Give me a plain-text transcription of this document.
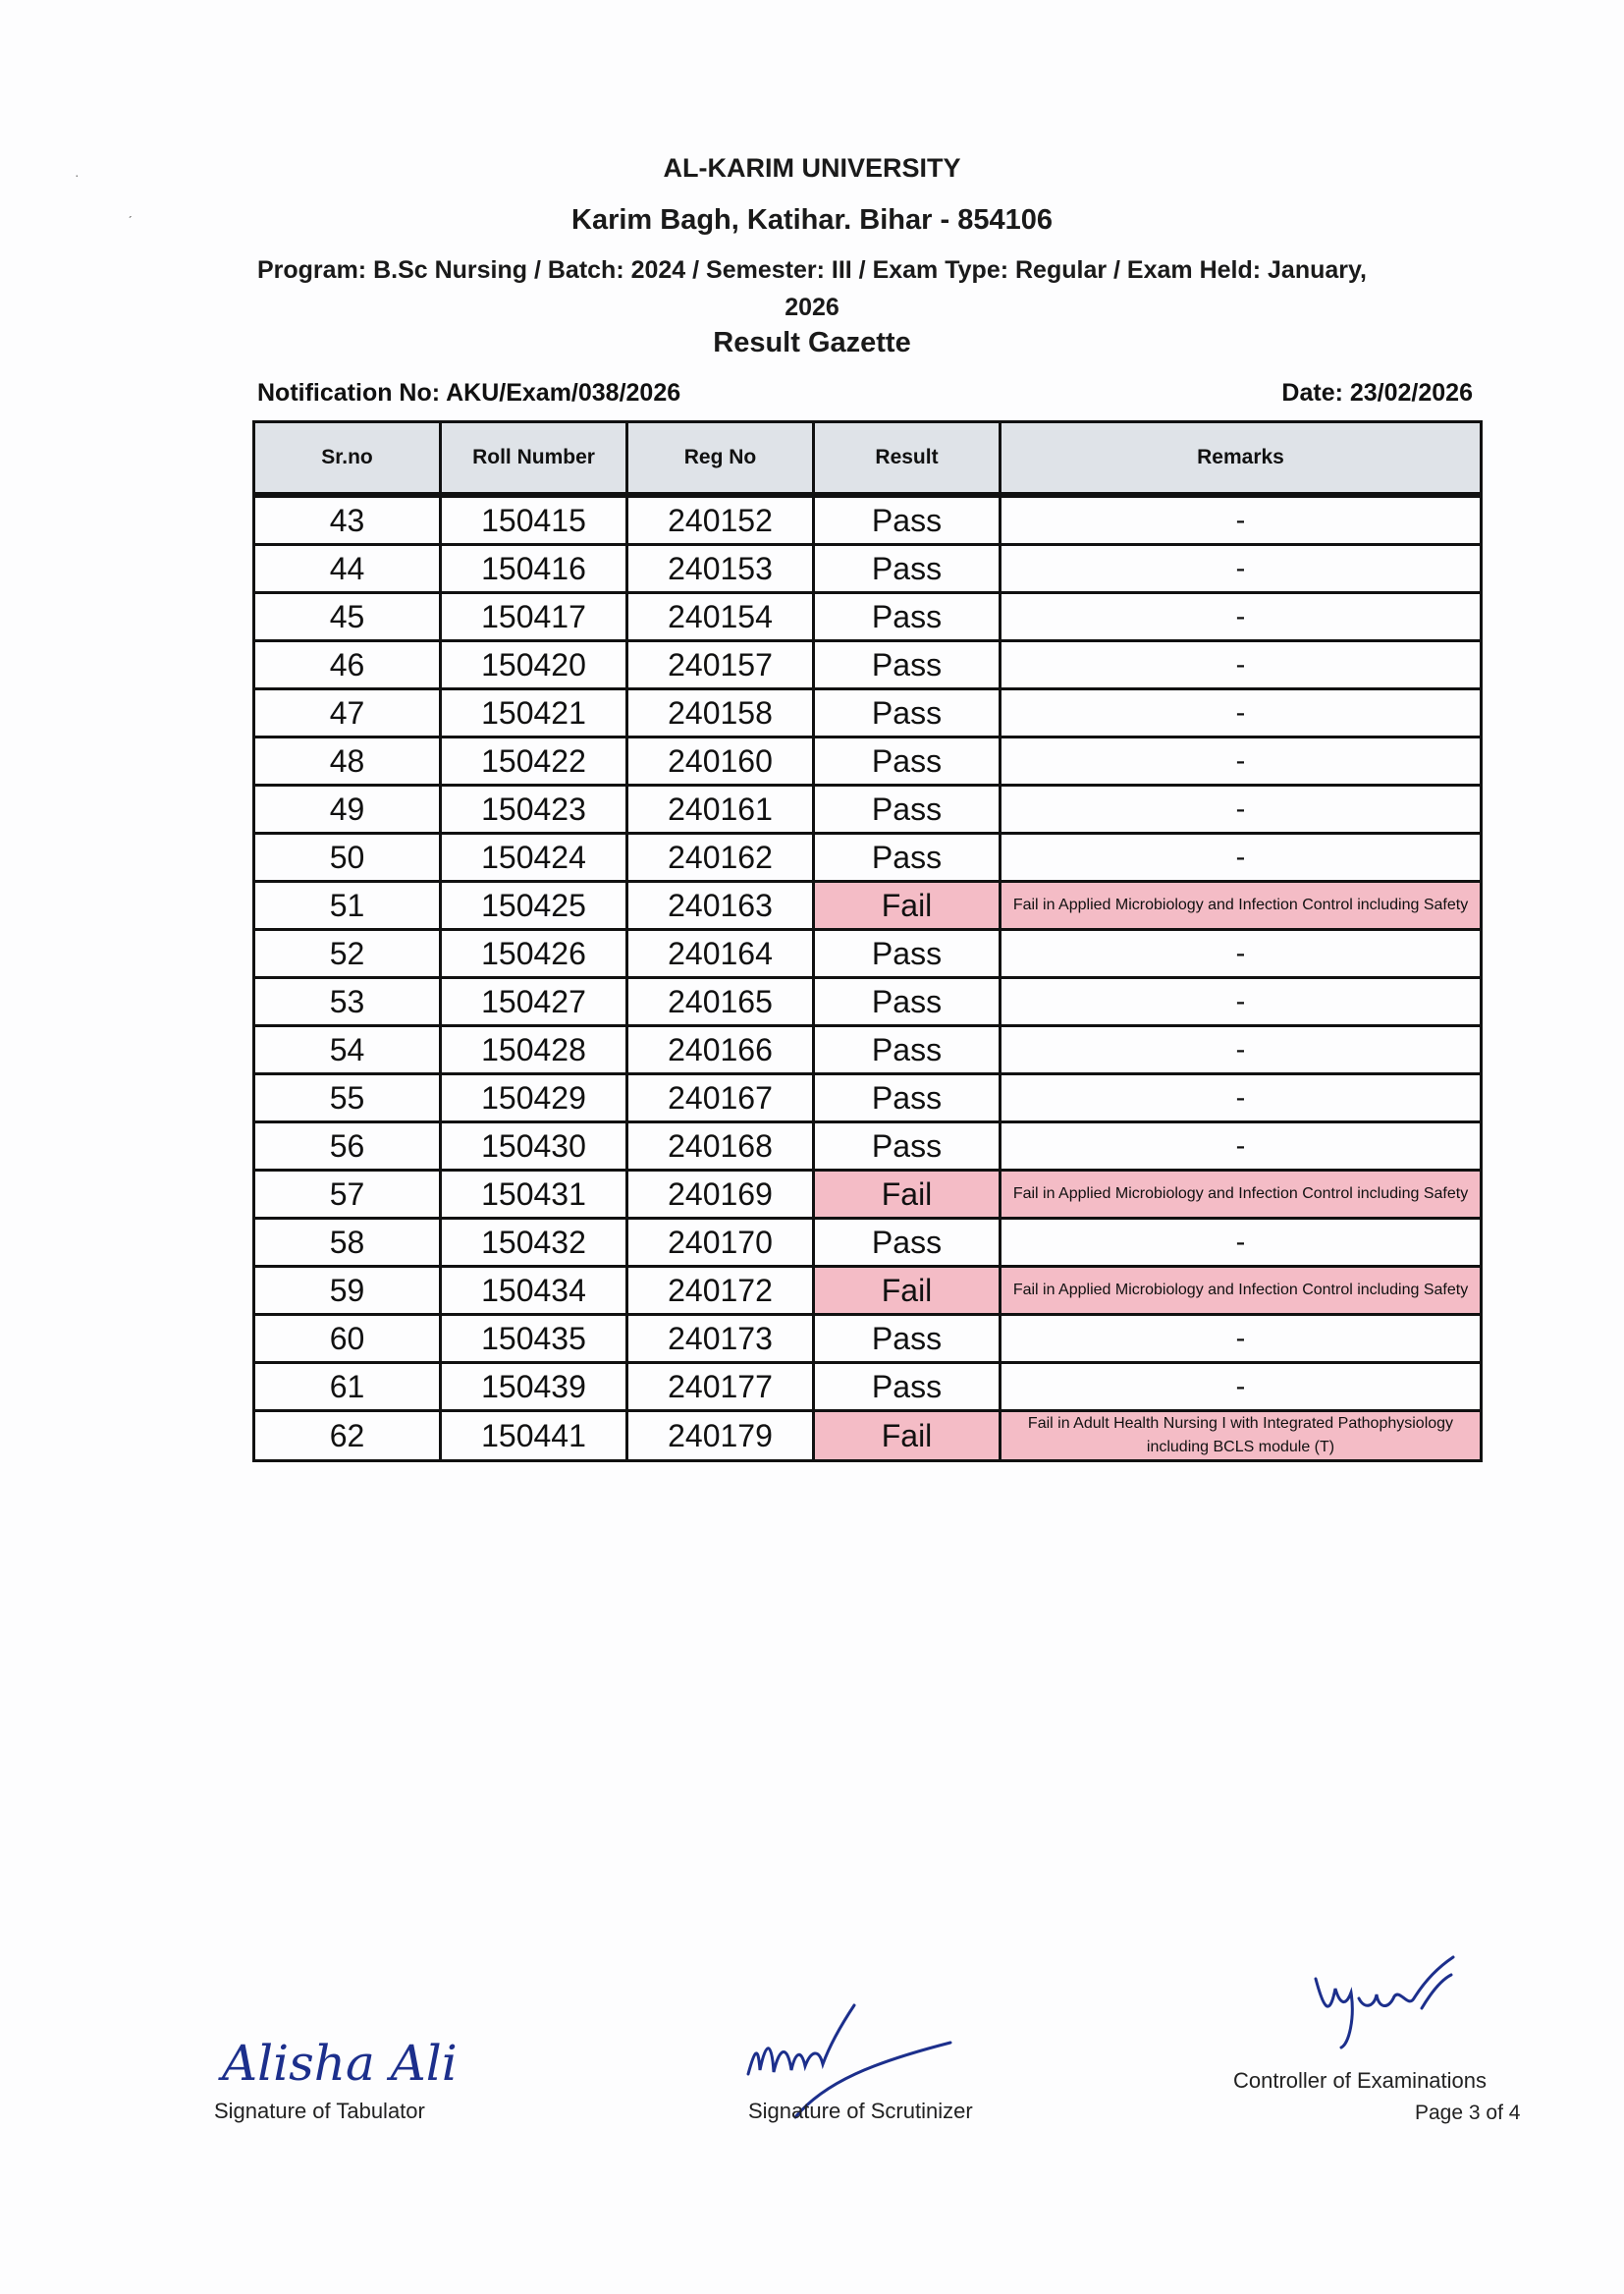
·
ˏ
AL-KARIM UNIVERSITY
Karim Bagh, Katihar. Bihar - 854106
Program: B.Sc Nursing / Batch: 2024 / Semester: III / Exam Type: Regular / Exam Held: January, 2026
Result Gazette
Notification No: AKU/Exam/038/2026	Date: 23/02/2026
Sr.no	Roll Number	Reg No	Result	Remarks
43	150415	240152	Pass	-
44	150416	240153	Pass	-
45	150417	240154	Pass	-
46	150420	240157	Pass	-
47	150421	240158	Pass	-
48	150422	240160	Pass	-
49	150423	240161	Pass	-
50	150424	240162	Pass	-
51	150425	240163	Fail	Fail in Applied Microbiology and Infection Control including Safety
52	150426	240164	Pass	-
53	150427	240165	Pass	-
54	150428	240166	Pass	-
55	150429	240167	Pass	-
56	150430	240168	Pass	-
57	150431	240169	Fail	Fail in Applied Microbiology and Infection Control including Safety
58	150432	240170	Pass	-
59	150434	240172	Fail	Fail in Applied Microbiology and Infection Control including Safety
60	150435	240173	Pass	-
61	150439	240177	Pass	-
62	150441	240179	Fail	Fail in Adult Health Nursing I with Integrated Pathophysiology including BCLS module (T)
Alisha Ali
Signature of Tabulator	Signature of Scrutinizer
Controller of Examinations
Page 3 of 4
